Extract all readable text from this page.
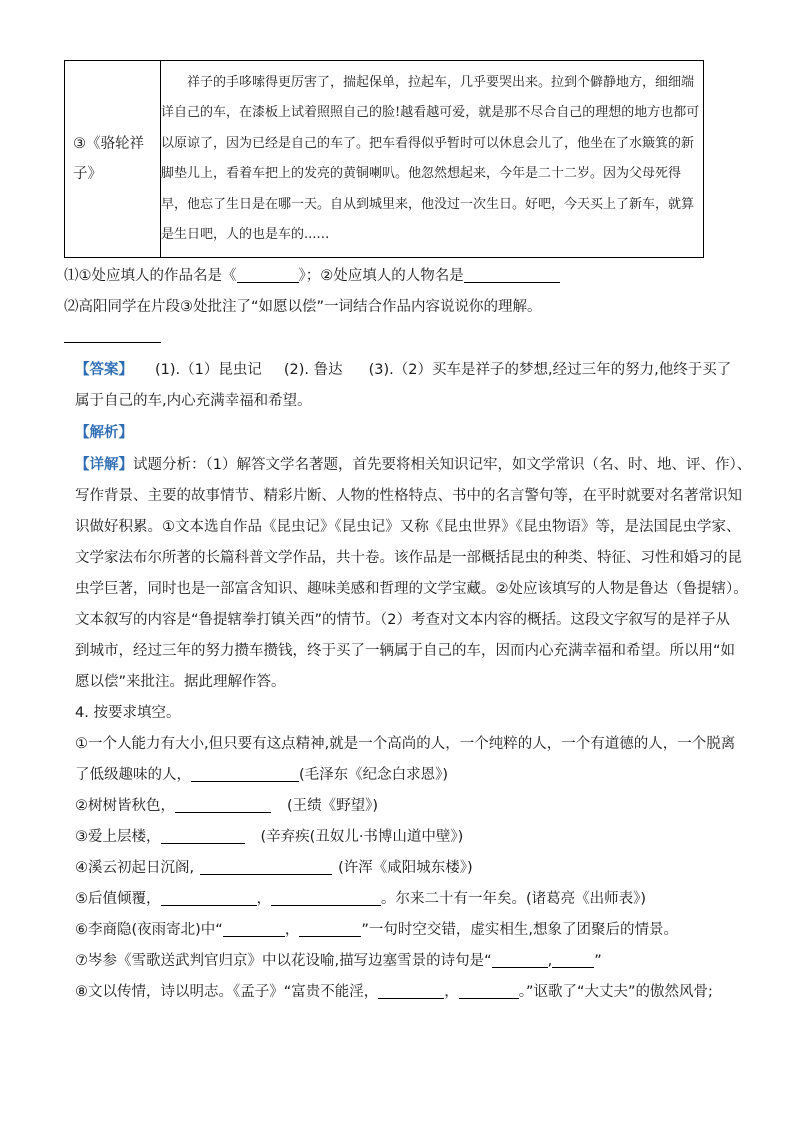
③《骆轮祥
子》

祥子的手哆嗦得更厉害了，揣起保单，拉起车，几乎要哭出来。拉到个僻静地方，细细端详自己的车，在漆板上试着照照自己的脸!越看越可爱，就是那不尽合自己的理想的地方也都可以原谅了，因为已经是自己的车了。把车看得似乎暂时可以休息会儿了，他坐在了水簸箕的新脚垫儿上，看着车把上的发亮的黄铜喇叭。他忽然想起来，今年是二十二岁。因为父母死得早，他忘了生日是在哪一天。自从到城里来，他没过一次生日。好吧，今天买上了新车，就算是生日吧，人的也是车的...…

⑴①处应填人的作品名是《	》；②处应填人的人物名是
⑵高阳同学在片段③处批注了“如愿以偿”一词结合作品内容说说你的理解。
【答案】 (1).（1）昆虫记 (2). 鲁达 (3).（2）买车是祥子的梦想,经过三年的努力,他终于买了
属于自己的车,内心充满幸福和希望。
【解析】
【详解】试题分析：（1）解答文学名著题，首先要将相关知识记牢，如文学常识（名、时、地、评、作）、
写作背景、主要的故事情节、精彩片断、人物的性格特点、书中的名言警句等，在平时就要对名著常识知
识做好积累。①文本选自作品《昆虫记》《昆虫记》又称《昆虫世界》《昆虫物语》等，是法国昆虫学家、
文学家法布尔所著的长篇科普文学作品，共十卷。该作品是一部概括昆虫的种类、特征、习性和婚习的昆
虫学巨著，同时也是一部富含知识、趣味美感和哲理的文学宝藏。②处应该填写的人物是鲁达（鲁提辖）。
文本叙写的内容是“鲁提辖拳打镇关西”的情节。（2）考查对文本内容的概括。这段文字叙写的是祥子从
到城市，经过三年的努力攒车攒钱，终于买了一辆属于自己的车，因而内心充满幸福和希望。所以用“如
愿以偿”来批注。据此理解作答。
4. 按要求填空。
①一个人能力有大小,但只要有这点精神,就是一个高尚的人，一个纯粹的人，一个有道德的人，一个脱离
了低级趣味的人，	(毛泽东《纪念白求恩》)
②树树皆秋色，	(王绩《野望》)
③爱上层楼，	(辛弃疾(丑奴儿·书博山道中壁》)
④溪云初起日沉阁,	(许浑《咸阳城东楼》)
⑤后值倾覆，	，	。尔来二十有一年矣。(诸葛亮《出师表》)
⑥李商隐(夜雨寄北)中“	，	”一句时空交错，虚实相生,想象了团聚后的情景。
⑦岑参《雪歌送武判官归京》中以花设喻,描写边塞雪景的诗句是“	,	”
⑧文以传情，诗以明志。《孟子》“富贵不能淫，	，	。”讴歌了“大丈夫”的傲然风骨;
